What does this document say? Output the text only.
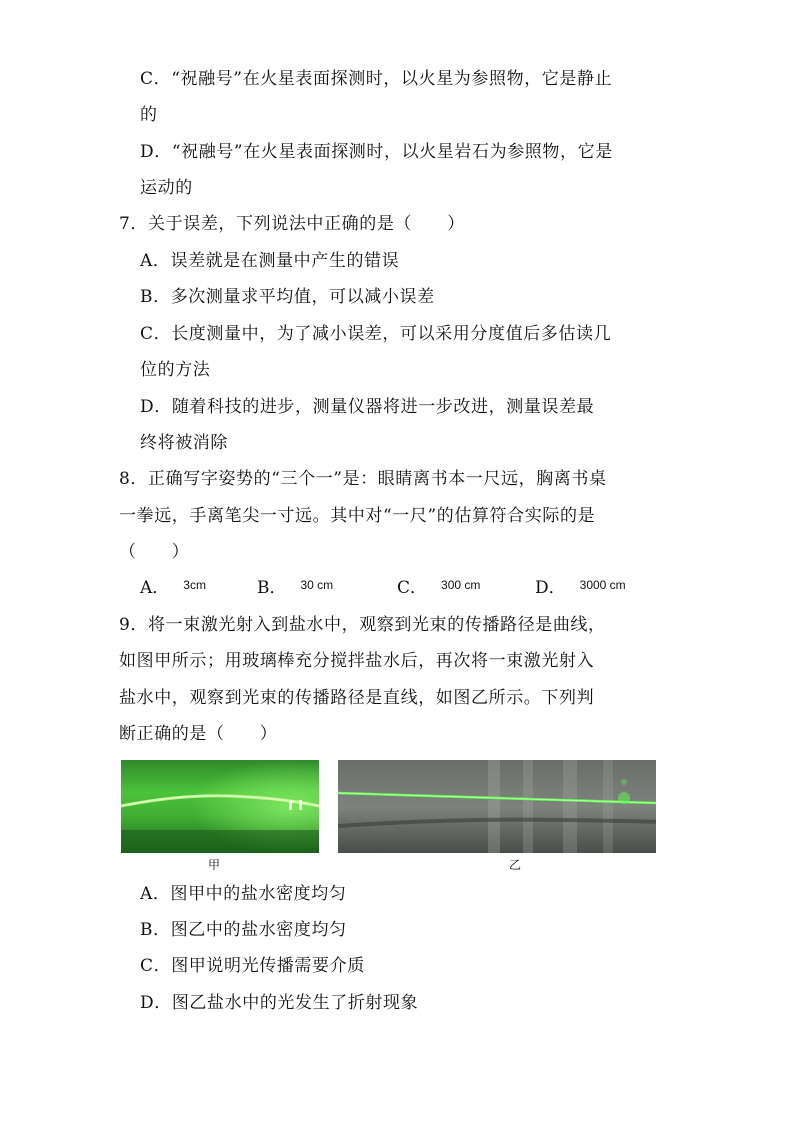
C．“祝融号”在火星表面探测时，以火星为参照物，它是静止
的
D．“祝融号”在火星表面探测时，以火星岩石为参照物，它是
运动的
7．关于误差，下列说法中正确的是（　　）
A．误差就是在测量中产生的错误
B．多次测量求平均值，可以减小误差
C．长度测量中，为了减小误差，可以采用分度值后多估读几
位的方法
D．随着科技的进步，测量仪器将进一步改进，测量误差最
终将被消除
8．正确写字姿势的“三个一”是：眼睛离书本一尺远，胸离书桌
一拳远，手离笔尖一寸远。其中对“一尺”的估算符合实际的是
（　　）
A． $^{3cm}$	B． $^{30 cm}$	C． $^{300 cm}$	D． $^{3000 cm}$
9．将一束激光射入到盐水中，观察到光束的传播路径是曲线，
如图甲所示；用玻璃棒充分搅拌盐水后，再次将一束激光射入
盐水中，观察到光束的传播路径是直线，如图乙所示。下列判
断正确的是（　　）
甲	乙
A．图甲中的盐水密度均匀
B．图乙中的盐水密度均匀
C．图甲说明光传播需要介质
D．图乙盐水中的光发生了折射现象
